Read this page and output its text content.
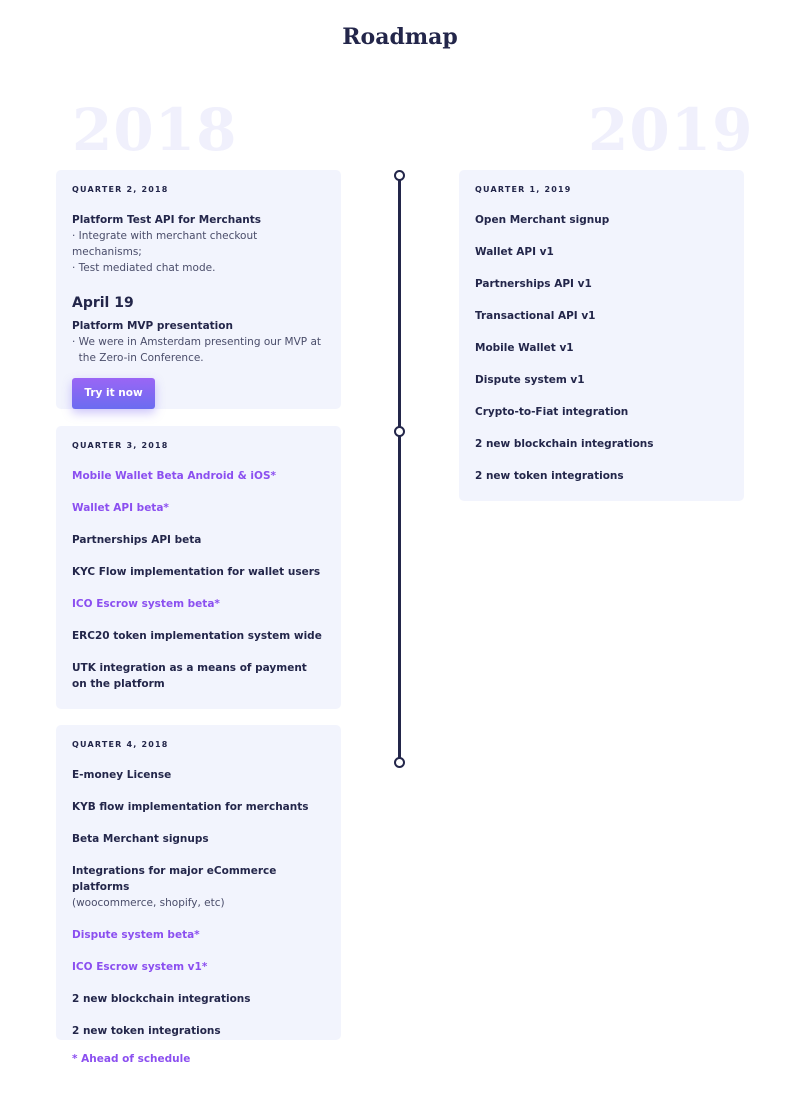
Roadmap
2018	2019
QUARTER 2, 2018
Platform Test API for Merchants
· Integrate with merchant checkout mechanisms;
· Test mediated chat mode.
April 19
Platform MVP presentation
· We were in Amsterdam presenting our MVP at
the Zero-in Conference.
Try it now
QUARTER 3, 2018
Mobile Wallet Beta Android & iOS*
Wallet API beta*
Partnerships API beta
KYC Flow implementation for wallet users
ICO Escrow system beta*
ERC20 token implementation system wide
UTK integration as a means of payment on the platform
QUARTER 4, 2018
E-money License
KYB flow implementation for merchants
Beta Merchant signups
Integrations for major eCommerce platforms
(woocommerce, shopify, etc)
Dispute system beta*
ICO Escrow system v1*
2 new blockchain integrations
2 new token integrations
QUARTER 1, 2019
Open Merchant signup
Wallet API v1
Partnerships API v1
Transactional API v1
Mobile Wallet v1
Dispute system v1
Crypto-to-Fiat integration
2 new blockchain integrations
2 new token integrations
* Ahead of schedule
